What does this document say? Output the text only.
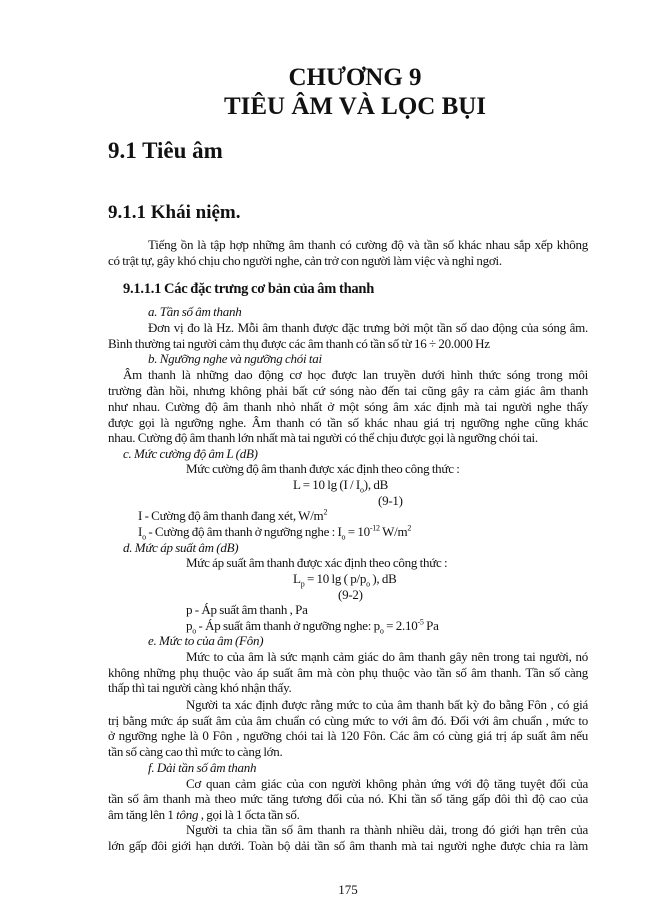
CHƯƠNG 9
TIÊU ÂM VÀ LỌC BỤI
9.1 Tiêu âm
9.1.1 Khái niệm.
Tiếng ồn là tập hợp những âm thanh có cường độ và tần số khác nhau sắp xếp không
có trật tự, gây khó chịu cho người nghe, cản trở con người làm việc và nghỉ ngơi.
9.1.1.1 Các đặc trưng cơ bản của âm thanh
a. Tần số âm thanh
Đơn vị đo là Hz. Mỗi âm thanh được đặc trưng bởi một tần số dao động của sóng âm.
Bình thường tai người cảm thụ được các âm thanh có tần số từ 16 ÷ 20.000 Hz
b. Ngưỡng nghe và ngưỡng chói tai
Âm thanh là những dao động cơ học được lan truyền dưới hình thức sóng trong môi
trường đàn hồi, nhưng không phải bất cứ sóng nào đến tai cũng gây ra cảm giác âm thanh
như nhau. Cường độ âm thanh nhỏ nhất ở một sóng âm xác định mà tai người nghe thấy
được gọi là ngưỡng nghe. Âm thanh có tần số khác nhau giá trị ngưỡng nghe cũng khác
nhau. Cường độ âm thanh lớn nhất mà tai người có thể chịu được gọi là ngưỡng chói tai.
c. Mức cường độ âm L (dB)
Mức cường độ âm thanh được xác định theo công thức :
L = 10 $\lg (I / I_o)$, dB
(9-1)
I - Cường độ âm thanh đang xét, $W/m^2$
$I_o$ - Cường độ âm thanh ở ngưỡng nghe : $I_o = 10^{-12}$ $W/m^2$
d. Mức áp suất âm (dB)
Mức áp suất âm thanh được xác định theo công thức :
$L_p = 10$ lg ( $p/p_o$ ), dB
(9-2)
p - Áp suất âm thanh , Pa
$p_o$ - Áp suất âm thanh ở ngưỡng nghe: $p_o = 2.10^{-5}$ Pa
e. Mức to của âm (Fôn)
Mức to của âm là sức mạnh cảm giác do âm thanh gây nên trong tai người, nó
không những phụ thuộc vào áp suất âm mà còn phụ thuộc vào tần số âm thanh. Tần số càng
thấp thì tai người càng khó nhận thấy.
Người ta xác định được rằng mức to của âm thanh bất kỳ đo bằng Fôn , có giá
trị bằng mức áp suất âm của âm chuẩn có cùng mức to với âm đó. Đối với âm chuẩn , mức to
ở ngưỡng nghe là 0 Fôn , ngưỡng chói tai là 120 Fôn. Các âm có cùng giá trị áp suất âm nếu
tần số càng cao thì mức to càng lớn.
f. Dải tần số âm thanh
Cơ quan cảm giác của con người không phản ứng với độ tăng tuyệt đối của
tần số âm thanh mà theo mức tăng tương đối của nó. Khi tần số tăng gấp đôi thì độ cao của
âm tăng lên 1 tông , gọi là 1 ốcta tần số.
Người ta chia tần số âm thanh ra thành nhiều dải, trong đó giới hạn trên của
lớn gấp đôi giới hạn dưới. Toàn bộ dải tần số âm thanh mà tai người nghe được chia ra làm
175
